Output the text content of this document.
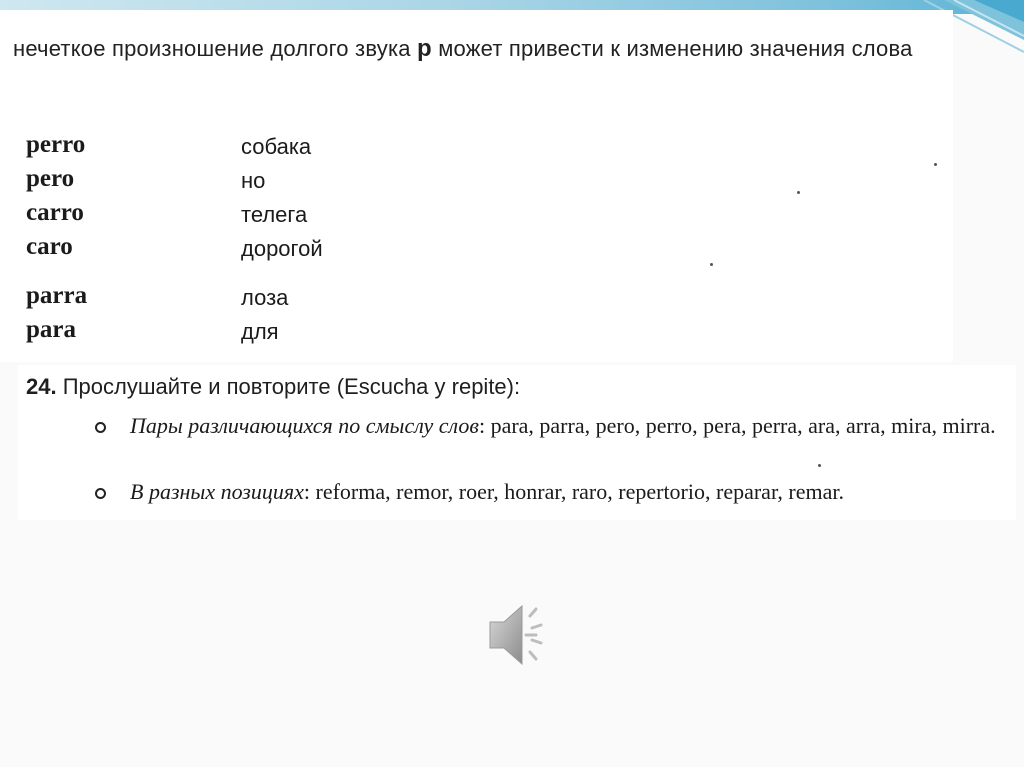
нечеткое произношение долгого звука р может привести к изменению значения слова
perro	собака
pero	но
carro	телега
caro	дорогой
parra	лоза
para	для
24. Прослушайте и повторите (Escucha y repite):
Пары различающихся по смыслу слов: para, parra, pero, perro, pera, perra, ara, arra, mira, mirra.
В разных позициях: reforma, remor, roer, honrar, raro, repertorio, reparar, remar.
